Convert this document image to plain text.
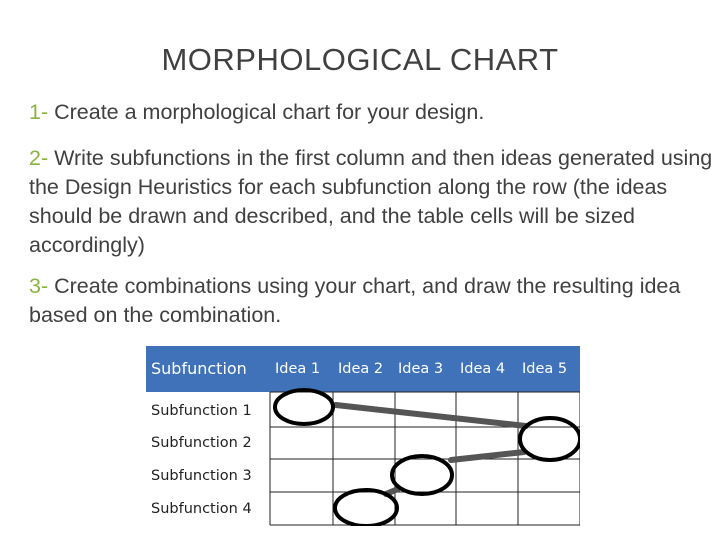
MORPHOLOGICAL CHART
1- Create a morphological chart for your design.
2- Write subfunctions in the first column and then ideas generated using the Design Heuristics for each subfunction along the row (the ideas should be drawn and described, and the table cells will be sized accordingly)
3- Create combinations using your chart, and draw the resulting idea based on the combination.
Subfunction Idea 1 Idea 2 Idea 3 Idea 4 Idea 5
Subfunction 1
Subfunction 2
Subfunction 3
Subfunction 4
